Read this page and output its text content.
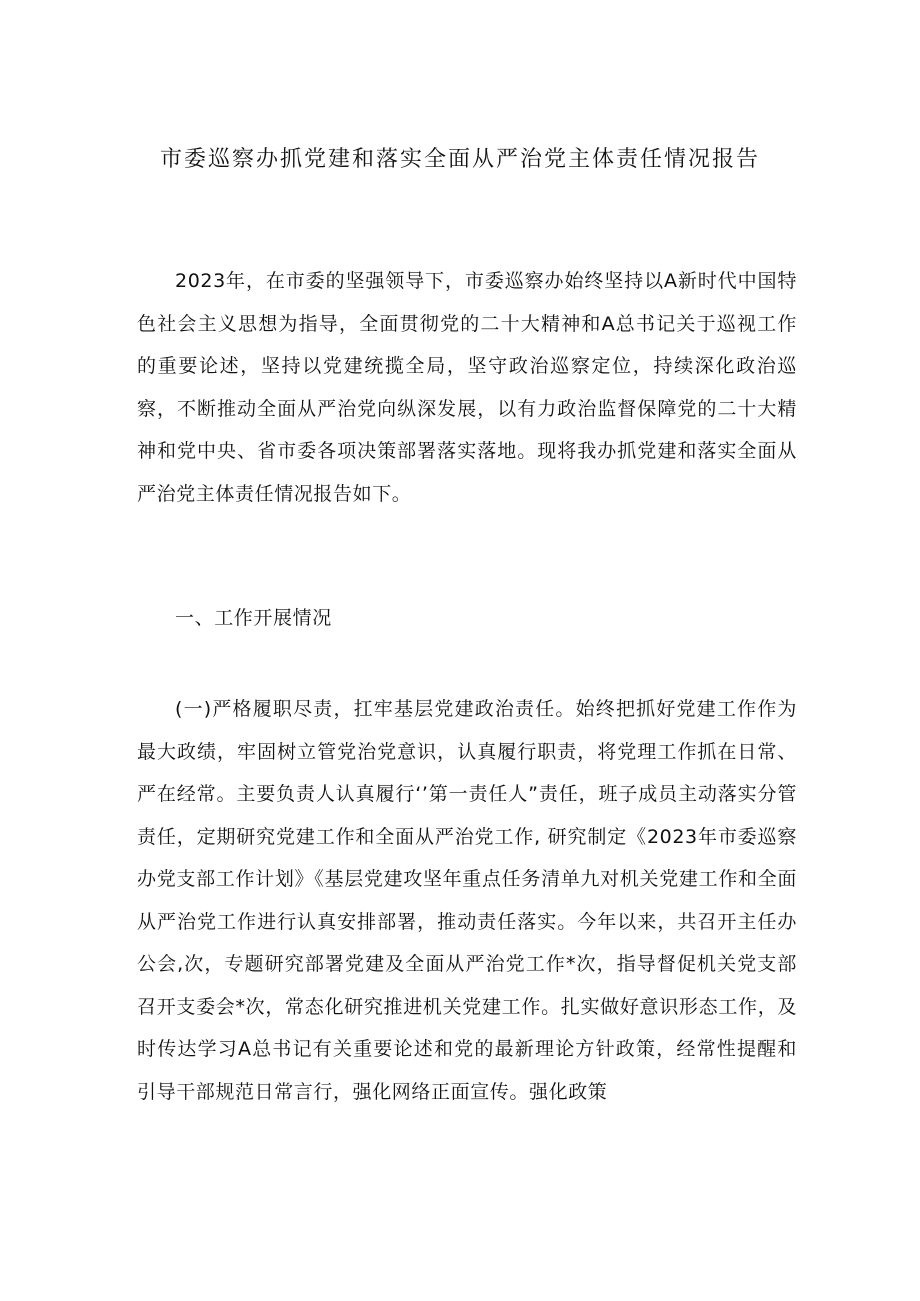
市委巡察办抓党建和落实全面从严治党主体责任情况报告

2023年，在市委的坚强领导下，市委巡察办始终坚持以A新时代中国特色社会主义思想为指导，全面贯彻党的二十大精神和A总书记关于巡视工作的重要论述，坚持以党建统揽全局，坚守政治巡察定位，持续深化政治巡察，不断推动全面从严治党向纵深发展，以有力政治监督保障党的二十大精神和党中央、省市委各项决策部署落实落地。现将我办抓党建和落实全面从严治党主体责任情况报告如下。

一、工作开展情况

(一)严格履职尽责，扛牢基层党建政治责任。始终把抓好党建工作作为最大政绩，牢固树立管党治党意识，认真履行职责，将党理工作抓在日常、严在经常。主要负责人认真履行‘’第一责任人”责任，班子成员主动落实分管责任，定期研究党建工作和全面从严治党工作, 研究制定《2023年市委巡察办党支部工作计划》《基层党建攻坚年重点任务清单九对机关党建工作和全面从严治党工作进行认真安排部署，推动责任落实。今年以来，共召开主任办公会,次，专题研究部署党建及全面从严治党工作*次，指导督促机关党支部召开支委会*次，常态化研究推进机关党建工作。扎实做好意识形态工作，及时传达学习A总书记有关重要论述和党的最新理论方针政策，经常性提醒和引导干部规范日常言行，强化网络正面宣传。强化政策
